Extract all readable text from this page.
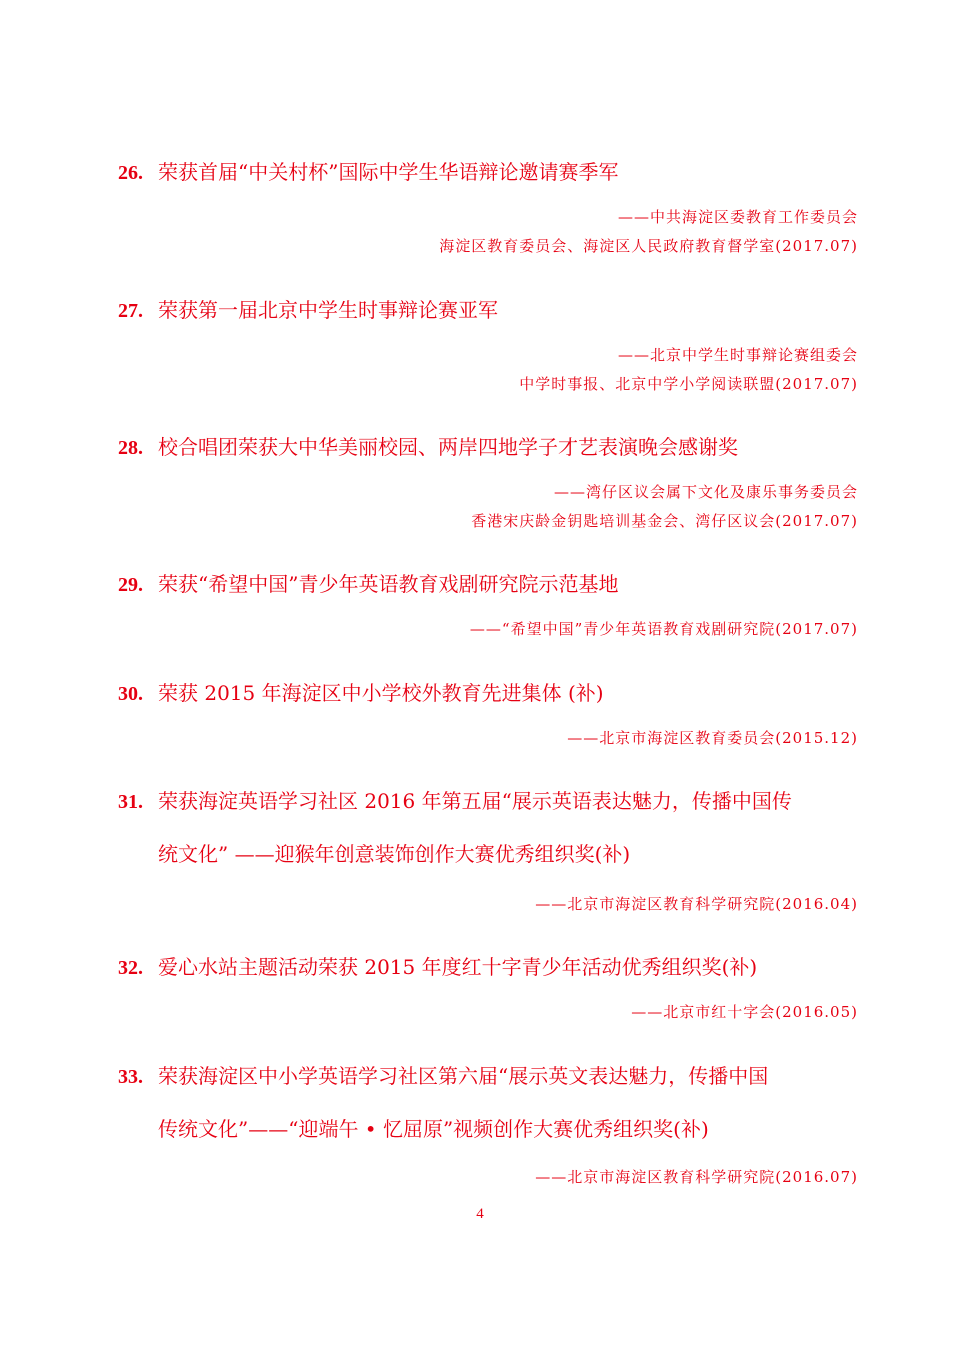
26. 荣获首届“中关村杯”国际中学生华语辩论邀请赛季军
——中共海淀区委教育工作委员会
海淀区教育委员会、海淀区人民政府教育督学室(2017.07)
27. 荣获第一届北京中学生时事辩论赛亚军
——北京中学生时事辩论赛组委会
中学时事报、北京中学小学阅读联盟(2017.07)
28. 校合唱团荣获大中华美丽校园、两岸四地学子才艺表演晚会感谢奖
——湾仔区议会属下文化及康乐事务委员会
香港宋庆龄金钥匙培训基金会、湾仔区议会(2017.07)
29. 荣获“希望中国”青少年英语教育戏剧研究院示范基地
——“希望中国”青少年英语教育戏剧研究院(2017.07)
30. 荣获 2015 年海淀区中小学校外教育先进集体 (补)
——北京市海淀区教育委员会(2015.12)
31. 荣获海淀英语学习社区 2016 年第五届“展示英语表达魅力，传播中国传
统文化” ——迎猴年创意装饰创作大赛优秀组织奖(补)
——北京市海淀区教育科学研究院(2016.04)
32. 爱心水站主题活动荣获 2015 年度红十字青少年活动优秀组织奖(补)
——北京市红十字会(2016.05)
33. 荣获海淀区中小学英语学习社区第六届“展示英文表达魅力，传播中国
传统文化”——“迎端午 • 忆屈原”视频创作大赛优秀组织奖(补)
——北京市海淀区教育科学研究院(2016.07)
4
